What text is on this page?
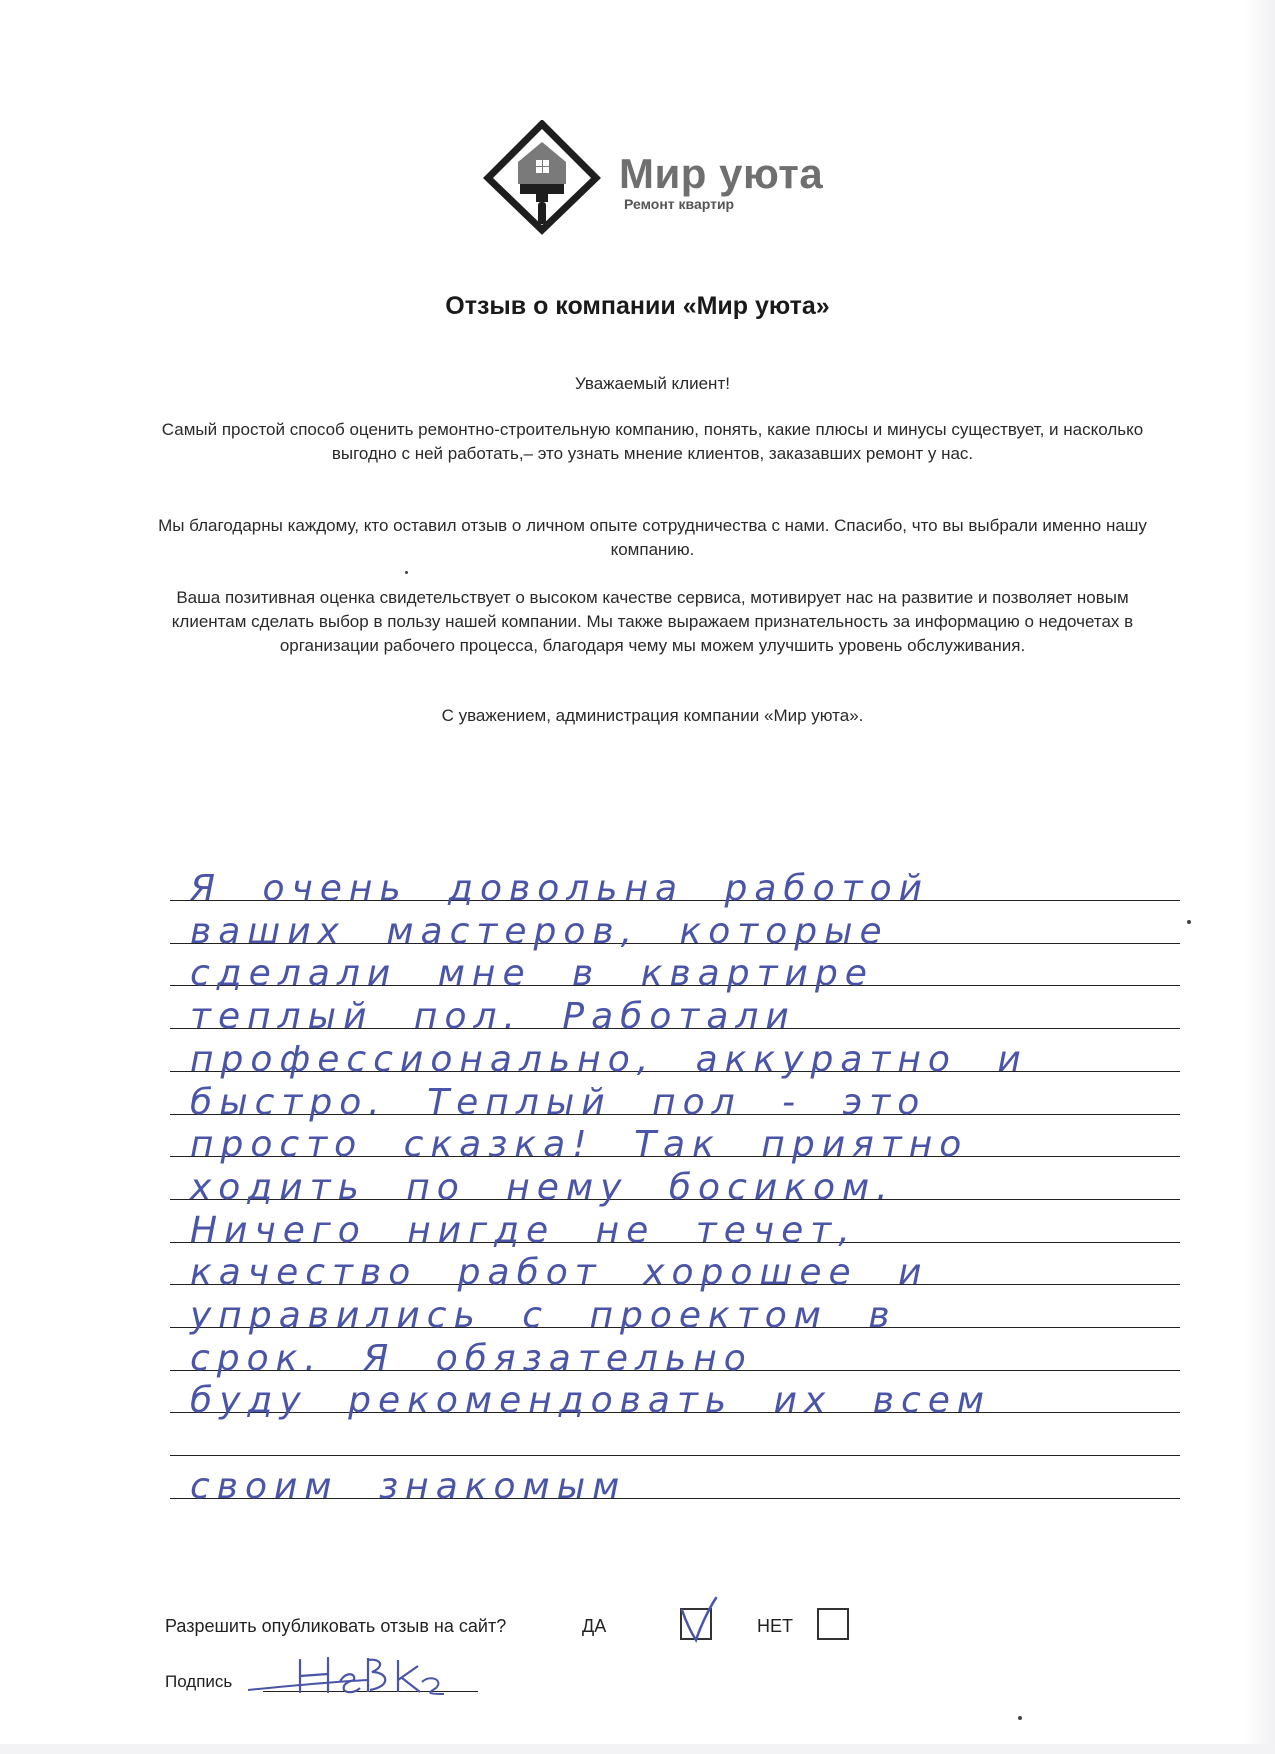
Мир уюта
Ремонт квартир
Отзыв о компании «Мир уюта»
Уважаемый клиент!
Самый простой способ оценить ремонтно-строительную компанию, понять, какие плюсы и минусы существует, и насколько выгодно с ней работать,– это узнать мнение клиентов, заказавших ремонт у нас.
Мы благодарны каждому, кто оставил отзыв о личном опыте сотрудничества с нами. Спасибо, что вы выбрали именно нашу компанию.
Ваша позитивная оценка свидетельствует о высоком качестве сервиса, мотивирует нас на развитие и позволяет новым клиентам сделать выбор в пользу нашей компании. Мы также выражаем признательность за информацию о недочетах в организации рабочего процесса, благодаря чему мы можем улучшить уровень обслуживания.
С уважением, администрация компании «Мир уюта».
Я очень довольна работой
ваших мастеров, которые
сделали мне в квартире
теплый пол. Работали
профессионально, аккуратно и
быстро. Теплый пол - это
просто сказка! Так приятно
ходить по нему босиком.
Ничего нигде не течет,
качество работ хорошее и
управились с проектом в
срок. Я обязательно
буду рекомендовать их всем
своим знакомым
Разрешить опубликовать отзыв на сайт?	ДА	НЕТ
Подпись
